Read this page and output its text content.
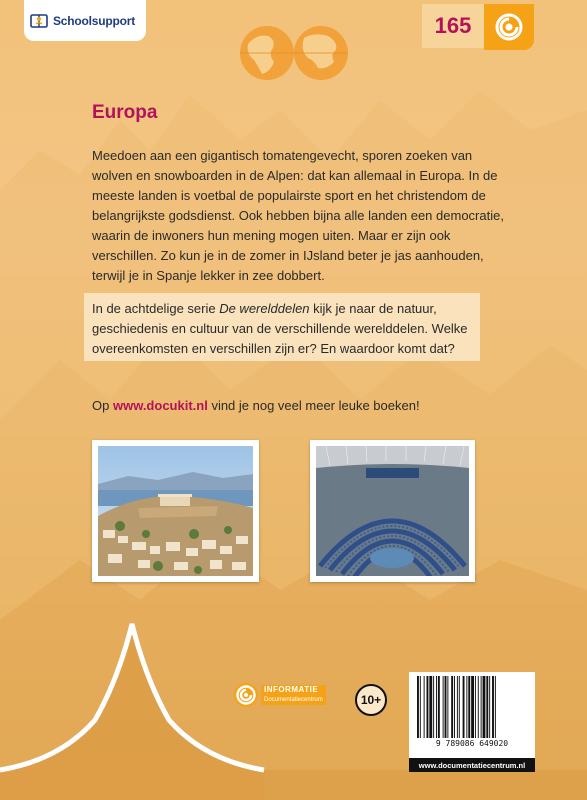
Schoolsupport	165
Europa

Meedoen aan een gigantisch tomatengevecht, sporen zoeken van wolven en snowboarden in de Alpen: dat kan allemaal in Europa. In de meeste landen is voetbal de populairste sport en het christendom de belangrijkste godsdienst. Ook hebben bijna alle landen een democratie, waarin de inwoners hun mening mogen uiten. Maar er zijn ook verschillen. Zo kun je in de zomer in IJsland beter je jas aanhouden, terwijl je in Spanje lekker in zee dobbert.

In de achtdelige serie De werelddelen kijk je naar de natuur, geschiedenis en cultuur van de verschillende werelddelen. Welke overeenkomsten en verschillen zijn er? En waardoor komt dat?

Op www.docukit.nl vind je nog veel meer leuke boeken!

INFORMATIE
Documentatiecentrum	10+
9 789086 649020
www.documentatiecentrum.nl
